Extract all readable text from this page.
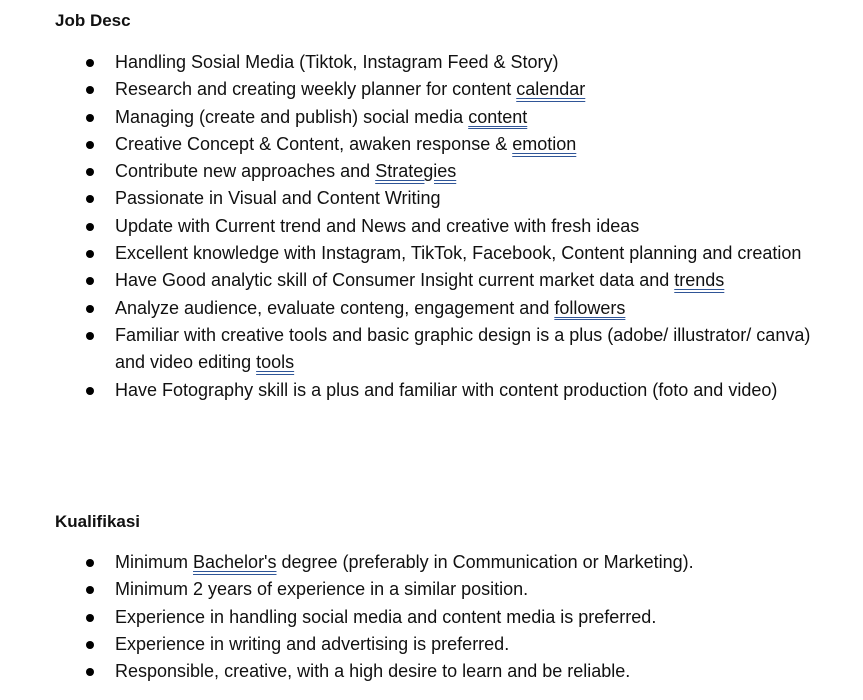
Job Desc
Handling Sosial Media (Tiktok, Instagram Feed & Story)
Research and creating weekly planner for content calendar
Managing (create and publish) social media content
Creative Concept & Content, awaken response & emotion
Contribute new approaches and Strategies
Passionate in Visual and Content Writing
Update with Current trend and News and creative with fresh ideas
Excellent knowledge with Instagram, TikTok, Facebook, Content planning and creation
Have Good analytic skill of Consumer Insight current market data and trends
Analyze audience, evaluate conteng, engagement and followers
Familiar with creative tools and basic graphic design is a plus (adobe/ illustrator/ canva) and video editing tools
Have Fotography skill is a plus and familiar with content production (foto and video)
Kualifikasi
Minimum Bachelor's degree (preferably in Communication or Marketing).
Minimum 2 years of experience in a similar position.
Experience in handling social media and content media is preferred.
Experience in writing and advertising is preferred.
Responsible, creative, with a high desire to learn and be reliable.
